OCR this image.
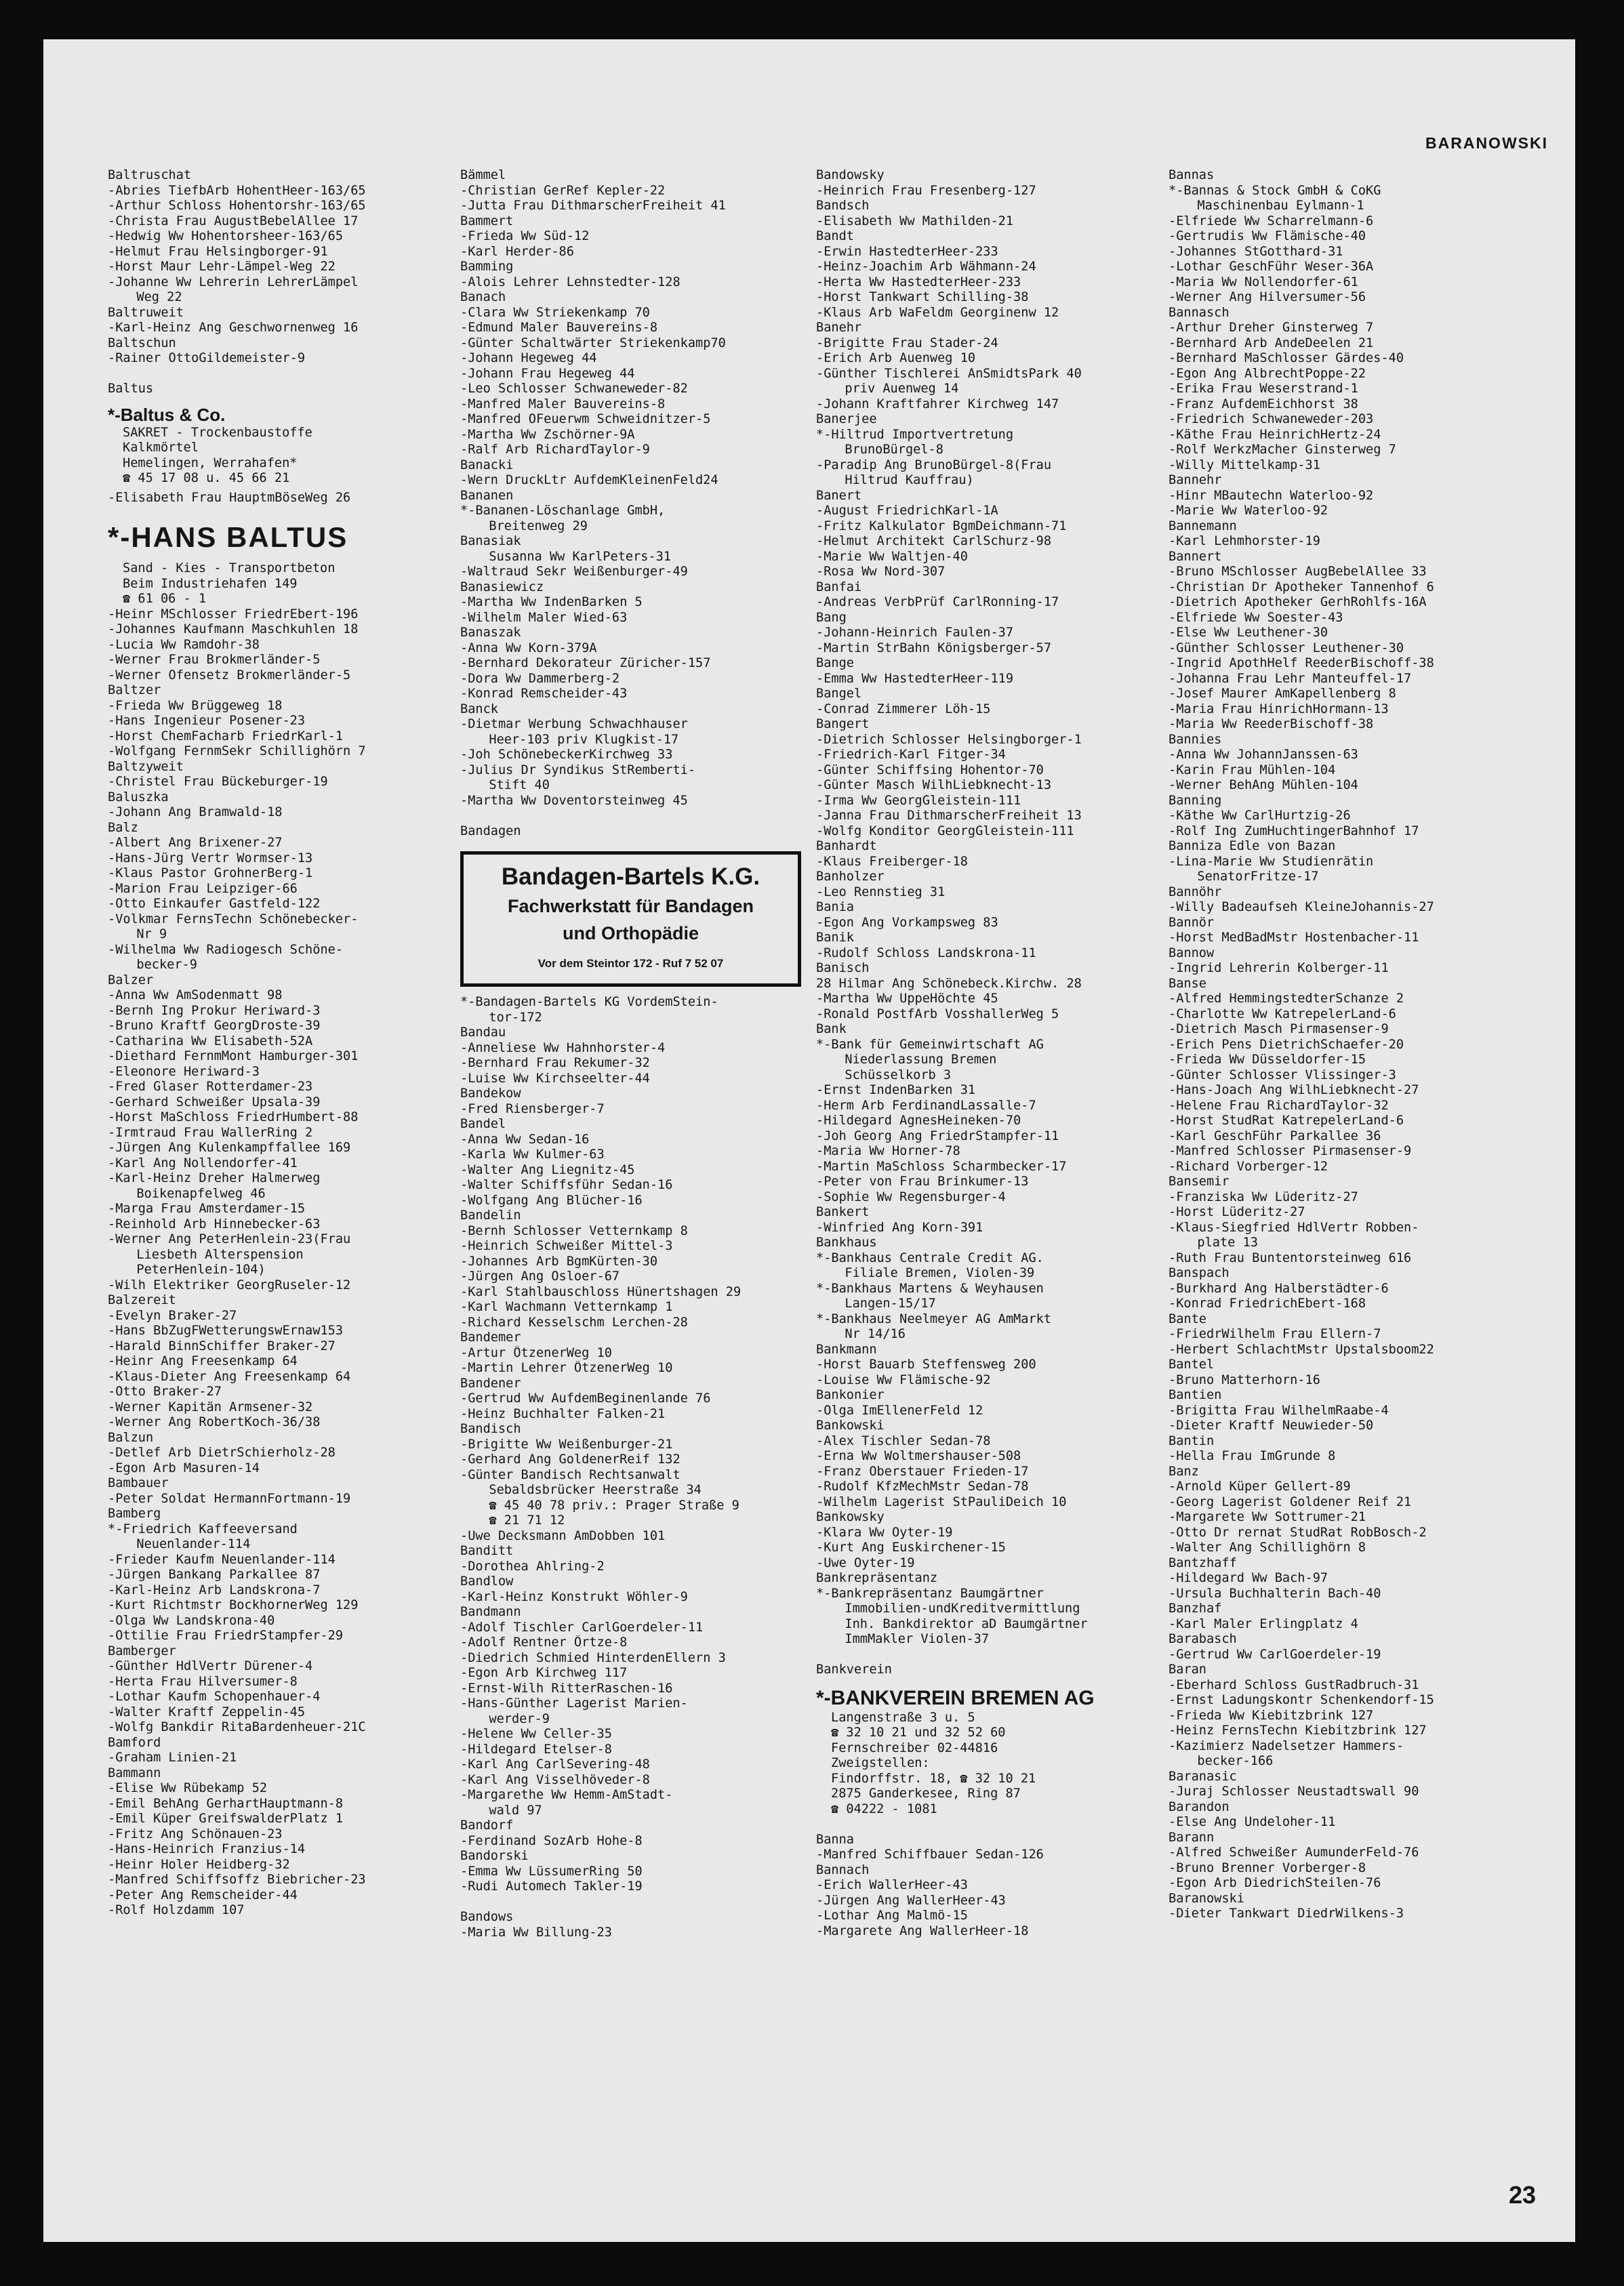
BARANOWSKI
Baltruschat
-Abries TiefbArb HohentHeer-163/65
-Arthur Schloss Hohentorshr-163/65
-Christa Frau AugustBebelAllee 17
-Hedwig Ww Hohentorsheer-163/65
-Helmut Frau Helsingborger-91
-Horst Maur Lehr-Lämpel-Weg 22
-Johanne Ww Lehrerin LehrerLämpel
Weg 22
Baltruweit
-Karl-Heinz Ang Geschwornenweg 16
Baltschun
-Rainer OttoGildemeister-9
Baltus
*-Baltus & Co.
SAKRET - Trockenbaustoffe
Kalkmörtel
Hemelingen, Werrahafen*
☎ 45 17 08 u. 45 66 21
-Elisabeth Frau HauptmBöseWeg 26
*-HANS BALTUS
Sand - Kies - Transportbeton
Beim Industriehafen 149
☎ 61 06 - 1
-Heinr MSchlosser FriedrEbert-196
-Johannes Kaufmann Maschkuhlen 18
-Lucia Ww Ramdohr-38
-Werner Frau Brokmerländer-5
-Werner Ofensetz Brokmerländer-5
Baltzer
-Frieda Ww Brüggeweg 18
-Hans Ingenieur Posener-23
-Horst ChemFacharb FriedrKarl-1
-Wolfgang FernmSekr Schillighörn 7
Baltzyweit
-Christel Frau Bückeburger-19
Baluszka
-Johann Ang Bramwald-18
Balz
-Albert Ang Brixener-27
-Hans-Jürg Vertr Wormser-13
-Klaus Pastor GrohnerBerg-1
-Marion Frau Leipziger-66
-Otto Einkaufer Gastfeld-122
-Volkmar FernsTechn Schönebecker-
Nr 9
-Wilhelma Ww Radiogesch Schöne-
becker-9
Balzer
-Anna Ww AmSodenmatt 98
-Bernh Ing Prokur Heriward-3
-Bruno Kraftf GeorgDroste-39
-Catharina Ww Elisabeth-52A
-Diethard FernmMont Hamburger-301
-Eleonore Heriward-3
-Fred Glaser Rotterdamer-23
-Gerhard Schweißer Upsala-39
-Horst MaSchloss FriedrHumbert-88
-Irmtraud Frau WallerRing 2
-Jürgen Ang Kulenkampffallee 169
-Karl Ang Nollendorfer-41
-Karl-Heinz Dreher Halmerweg
Boikenapfelweg 46
-Marga Frau Amsterdamer-15
-Reinhold Arb Hinnebecker-63
-Werner Ang PeterHenlein-23(Frau
Liesbeth Alterspension
PeterHenlein-104)
-Wilh Elektriker GeorgRuseler-12
Balzereit
-Evelyn Braker-27
-Hans BbZugFWetterungswErnaw153
-Harald BinnSchiffer Braker-27
-Heinr Ang Freesenkamp 64
-Klaus-Dieter Ang Freesenkamp 64
-Otto Braker-27
-Werner Kapitän Armsener-32
-Werner Ang RobertKoch-36/38
Balzun
-Detlef Arb DietrSchierholz-28
-Egon Arb Masuren-14
Bambauer
-Peter Soldat HermannFortmann-19
Bamberg
*-Friedrich Kaffeeversand
Neuenlander-114
-Frieder Kaufm Neuenlander-114
-Jürgen Bankang Parkallee 87
-Karl-Heinz Arb Landskrona-7
-Kurt Richtmstr BockhornerWeg 129
-Olga Ww Landskrona-40
-Ottilie Frau FriedrStampfer-29
Bamberger
-Günther HdlVertr Dürener-4
-Herta Frau Hilversumer-8
-Lothar Kaufm Schopenhauer-4
-Walter Kraftf Zeppelin-45
-Wolfg Bankdir RitaBardenheuer-21C
Bamford
-Graham Linien-21
Bammann
-Elise Ww Rübekamp 52
-Emil BehAng GerhartHauptmann-8
-Emil Küper GreifswalderPlatz 1
-Fritz Ang Schönauen-23
-Hans-Heinrich Franzius-14
-Heinr Holer Heidberg-32
-Manfred Schiffsoffz Biebricher-23
-Peter Ang Remscheider-44
-Rolf Holzdamm 107
Bämmel
-Christian GerRef Kepler-22
-Jutta Frau DithmarscherFreiheit 41
Bammert
-Frieda Ww Süd-12
-Karl Herder-86
Bamming
-Alois Lehrer Lehnstedter-128
Banach
-Clara Ww Striekenkamp 70
-Edmund Maler Bauvereins-8
-Günter Schaltwärter Striekenkamp70
-Johann Hegeweg 44
-Johann Frau Hegeweg 44
-Leo Schlosser Schwaneweder-82
-Manfred Maler Bauvereins-8
-Manfred OFeuerwm Schweidnitzer-5
-Martha Ww Zschörner-9A
-Ralf Arb RichardTaylor-9
Banacki
-Wern DruckLtr AufdemKleinenFeld24
Bananen
*-Bananen-Löschanlage GmbH,
Breitenweg 29
Banasiak
Susanna Ww KarlPeters-31
-Waltraud Sekr Weißenburger-49
Banasiewicz
-Martha Ww IndenBarken 5
-Wilhelm Maler Wied-63
Banaszak
-Anna Ww Korn-379A
-Bernhard Dekorateur Züricher-157
-Dora Ww Dammerberg-2
-Konrad Remscheider-43
Banck
-Dietmar Werbung Schwachhauser
Heer-103 priv Klugkist-17
-Joh SchönebeckerKirchweg 33
-Julius Dr Syndikus StRemberti-
Stift 40
-Martha Ww Doventorsteinweg 45
Bandagen
Bandagen-Bartels K.G.
Fachwerkstatt für Bandagen
und Orthopädie
Vor dem Steintor 172 - Ruf 7 52 07
*-Bandagen-Bartels KG VordemStein-
tor-172
Bandau
-Anneliese Ww Hahnhorster-4
-Bernhard Frau Rekumer-32
-Luise Ww Kirchseelter-44
Bandekow
-Fred Riensberger-7
Bandel
-Anna Ww Sedan-16
-Karla Ww Kulmer-63
-Walter Ang Liegnitz-45
-Walter Schiffsführ Sedan-16
-Wolfgang Ang Blücher-16
Bandelin
-Bernh Schlosser Vetternkamp 8
-Heinrich Schweißer Mittel-3
-Johannes Arb BgmKürten-30
-Jürgen Ang Osloer-67
-Karl Stahlbauschloss Hünertshagen 29
-Karl Wachmann Vetternkamp 1
-Richard Kesselschm Lerchen-28
Bandemer
-Artur ÖtzenerWeg 10
-Martin Lehrer ÖtzenerWeg 10
Bandener
-Gertrud Ww AufdemBeginenlande 76
-Heinz Buchhalter Falken-21
Bandisch
-Brigitte Ww Weißenburger-21
-Gerhard Ang GoldenerReif 132
-Günter Bandisch Rechtsanwalt
Sebaldsbrücker Heerstraße 34
☎ 45 40 78 priv.: Prager Straße 9
☎ 21 71 12
-Uwe Decksmann AmDobben 101
Banditt
-Dorothea Ahlring-2
Bandlow
-Karl-Heinz Konstrukt Wöhler-9
Bandmann
-Adolf Tischler CarlGoerdeler-11
-Adolf Rentner Örtze-8
-Diedrich Schmied HinterdenEllern 3
-Egon Arb Kirchweg 117
-Ernst-Wilh RitterRaschen-16
-Hans-Günther Lagerist Marien-
werder-9
-Helene Ww Celler-35
-Hildegard Etelser-8
-Karl Ang CarlSevering-48
-Karl Ang Visselhöveder-8
-Margarethe Ww Hemm-AmStadt-
wald 97
Bandorf
-Ferdinand SozArb Hohe-8
Bandorski
-Emma Ww LüssumerRing 50
-Rudi Automech Takler-19
Bandows
-Maria Ww Billung-23
Bandowsky
-Heinrich Frau Fresenberg-127
Bandsch
-Elisabeth Ww Mathilden-21
Bandt
-Erwin HastedterHeer-233
-Heinz-Joachim Arb Wähmann-24
-Herta Ww HastedterHeer-233
-Horst Tankwart Schilling-38
-Klaus Arb WaFeldm Georginenw 12
Banehr
-Brigitte Frau Stader-24
-Erich Arb Auenweg 10
-Günther Tischlerei AnSmidtsPark 40
priv Auenweg 14
-Johann Kraftfahrer Kirchweg 147
Banerjee
*-Hiltrud Importvertretung
BrunoBürgel-8
-Paradip Ang BrunoBürgel-8(Frau
Hiltrud Kauffrau)
Banert
-August FriedrichKarl-1A
-Fritz Kalkulator BgmDeichmann-71
-Helmut Architekt CarlSchurz-98
-Marie Ww Waltjen-40
-Rosa Ww Nord-307
Banfai
-Andreas VerbPrüf CarlRonning-17
Bang
-Johann-Heinrich Faulen-37
-Martin StrBahn Königsberger-57
Bange
-Emma Ww HastedterHeer-119
Bangel
-Conrad Zimmerer Löh-15
Bangert
-Dietrich Schlosser Helsingborger-1
-Friedrich-Karl Fitger-34
-Günter Schiffsing Hohentor-70
-Günter Masch WilhLiebknecht-13
-Irma Ww GeorgGleistein-111
-Janna Frau DithmarscherFreiheit 13
-Wolfg Konditor GeorgGleistein-111
Banhardt
-Klaus Freiberger-18
Banholzer
-Leo Rennstieg 31
Bania
-Egon Ang Vorkampsweg 83
Banik
-Rudolf Schloss Landskrona-11
Banisch
28 Hilmar Ang Schönebeck.Kirchw. 28
-Martha Ww UppeHöchte 45
-Ronald PostfArb VosshallerWeg 5
Bank
*-Bank für Gemeinwirtschaft AG
Niederlassung Bremen
Schüsselkorb 3
-Ernst IndenBarken 31
-Herm Arb FerdinandLassalle-7
-Hildegard AgnesHeineken-70
-Joh Georg Ang FriedrStampfer-11
-Maria Ww Horner-78
-Martin MaSchloss Scharmbecker-17
-Peter von Frau Brinkumer-13
-Sophie Ww Regensburger-4
Bankert
-Winfried Ang Korn-391
Bankhaus
*-Bankhaus Centrale Credit AG.
Filiale Bremen, Violen-39
*-Bankhaus Martens & Weyhausen
Langen-15/17
*-Bankhaus Neelmeyer AG AmMarkt
Nr 14/16
Bankmann
-Horst Bauarb Steffensweg 200
-Louise Ww Flämische-92
Bankonier
-Olga ImEllenerFeld 12
Bankowski
-Alex Tischler Sedan-78
-Erna Ww Woltmershauser-508
-Franz Oberstauer Frieden-17
-Rudolf KfzMechMstr Sedan-78
-Wilhelm Lagerist StPauliDeich 10
Bankowsky
-Klara Ww Oyter-19
-Kurt Ang Euskirchener-15
-Uwe Oyter-19
Bankrepräsentanz
*-Bankrepräsentanz Baumgärtner
Immobilien-undKreditvermittlung
Inh. Bankdirektor aD Baumgärtner
ImmMakler Violen-37
Bankverein
*-BANKVEREIN BREMEN AG
Langenstraße 3 u. 5
☎ 32 10 21 und 32 52 60
Fernschreiber 02-44816
Zweigstellen:
Findorffstr. 18, ☎ 32 10 21
2875 Ganderkesee, Ring 87
☎ 04222 - 1081
Banna
-Manfred Schiffbauer Sedan-126
Bannach
-Erich WallerHeer-43
-Jürgen Ang WallerHeer-43
-Lothar Ang Malmö-15
-Margarete Ang WallerHeer-18
Bannas
*-Bannas & Stock GmbH & CoKG
Maschinenbau Eylmann-1
-Elfriede Ww Scharrelmann-6
-Gertrudis Ww Flämische-40
-Johannes StGotthard-31
-Lothar GeschFühr Weser-36A
-Maria Ww Nollendorfer-61
-Werner Ang Hilversumer-56
Bannasch
-Arthur Dreher Ginsterweg 7
-Bernhard Arb AndeDeelen 21
-Bernhard MaSchlosser Gärdes-40
-Egon Ang AlbrechtPoppe-22
-Erika Frau Weserstrand-1
-Franz AufdemEichhorst 38
-Friedrich Schwaneweder-203
-Käthe Frau HeinrichHertz-24
-Rolf WerkzMacher Ginsterweg 7
-Willy Mittelkamp-31
Bannehr
-Hinr MBautechn Waterloo-92
-Marie Ww Waterloo-92
Bannemann
-Karl Lehmhorster-19
Bannert
-Bruno MSchlosser AugBebelAllee 33
-Christian Dr Apotheker Tannenhof 6
-Dietrich Apotheker GerhRohlfs-16A
-Elfriede Ww Soester-43
-Else Ww Leuthener-30
-Günther Schlosser Leuthener-30
-Ingrid ApothHelf ReederBischoff-38
-Johanna Frau Lehr Manteuffel-17
-Josef Maurer AmKapellenberg 8
-Maria Frau HinrichHormann-13
-Maria Ww ReederBischoff-38
Bannies
-Anna Ww JohannJanssen-63
-Karin Frau Mühlen-104
-Werner BehAng Mühlen-104
Banning
-Käthe Ww CarlHurtzig-26
-Rolf Ing ZumHuchtingerBahnhof 17
Banniza Edle von Bazan
-Lina-Marie Ww Studienrätin
SenatorFritze-17
Bannöhr
-Willy Badeaufseh KleineJohannis-27
Bannör
-Horst MedBadMstr Hostenbacher-11
Bannow
-Ingrid Lehrerin Kolberger-11
Banse
-Alfred HemmingstedterSchanze 2
-Charlotte Ww KatrepelerLand-6
-Dietrich Masch Pirmasenser-9
-Erich Pens DietrichSchaefer-20
-Frieda Ww Düsseldorfer-15
-Günter Schlosser Vlissinger-3
-Hans-Joach Ang WilhLiebknecht-27
-Helene Frau RichardTaylor-32
-Horst StudRat KatrepelerLand-6
-Karl GeschFühr Parkallee 36
-Manfred Schlosser Pirmasenser-9
-Richard Vorberger-12
Bansemir
-Franziska Ww Lüderitz-27
-Horst Lüderitz-27
-Klaus-Siegfried HdlVertr Robben-
plate 13
-Ruth Frau Buntentorsteinweg 616
Banspach
-Burkhard Ang Halberstädter-6
-Konrad FriedrichEbert-168
Bante
-FriedrWilhelm Frau Ellern-7
-Herbert SchlachtMstr Upstalsboom22
Bantel
-Bruno Matterhorn-16
Bantien
-Brigitta Frau WilhelmRaabe-4
-Dieter Kraftf Neuwieder-50
Bantin
-Hella Frau ImGrunde 8
Banz
-Arnold Küper Gellert-89
-Georg Lagerist Goldener Reif 21
-Margarete Ww Sottrumer-21
-Otto Dr rernat StudRat RobBosch-2
-Walter Ang Schillighörn 8
Bantzhaff
-Hildegard Ww Bach-97
-Ursula Buchhalterin Bach-40
Banzhaf
-Karl Maler Erlingplatz 4
Barabasch
-Gertrud Ww CarlGoerdeler-19
Baran
-Eberhard Schloss GustRadbruch-31
-Ernst Ladungskontr Schenkendorf-15
-Frieda Ww Kiebitzbrink 127
-Heinz FernsTechn Kiebitzbrink 127
-Kazimierz Nadelsetzer Hammers-
becker-166
Baranasic
-Juraj Schlosser Neustadtswall 90
Barandon
-Else Ang Undeloher-11
Barann
-Alfred Schweißer AumunderFeld-76
-Bruno Brenner Vorberger-8
-Egon Arb DiedrichSteilen-76
Baranowski
-Dieter Tankwart DiedrWilkens-3
23
